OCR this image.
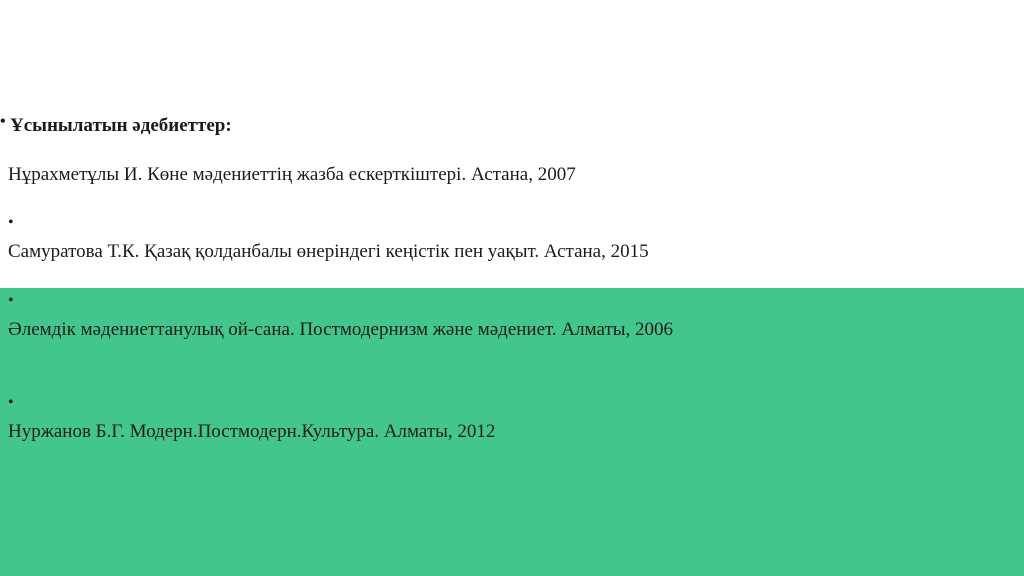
• Ұсынылатын әдебиеттер:

Нұрахметұлы И. Көне мәдениеттің жазба ескерткіштері. Астана, 2007

•

Самуратова Т.К. Қазақ қолданбалы өнеріндегі кеңістік пен уақыт. Астана, 2015

•

Әлемдік мәдениеттанулық ой-сана. Постмодернизм және мәдениет. Алматы, 2006

•

Нуржанов Б.Г. Модерн.Постмодерн.Культура. Алматы, 2012
